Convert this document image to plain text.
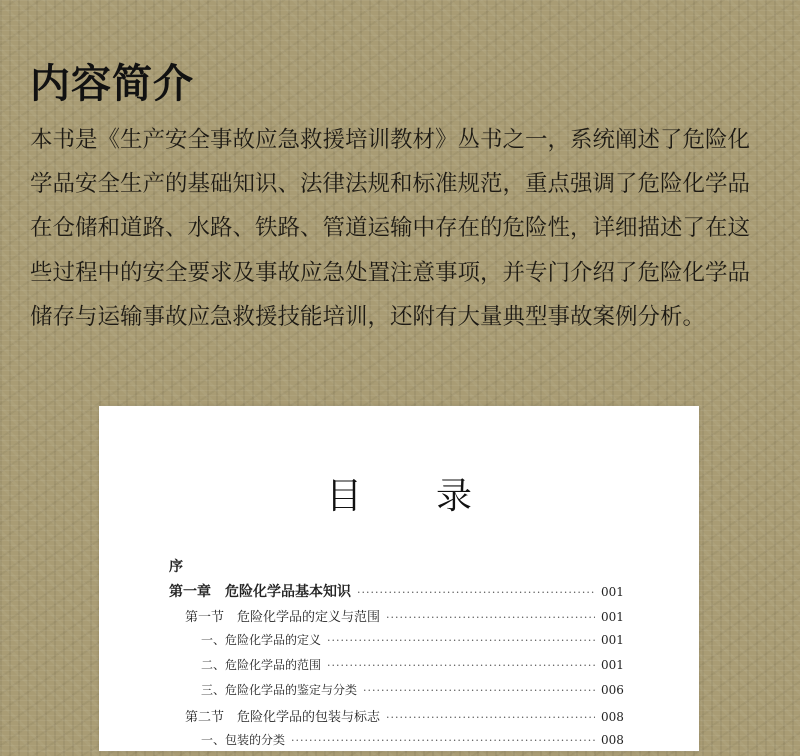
内容简介

本书是《生产安全事故应急救援培训教材》丛书之一，系统阐述了危险化学品安全生产的基础知识、法律法规和标准规范，重点强调了危险化学品在仓储和道路、水路、铁路、管道运输中存在的危险性，详细描述了在这些过程中的安全要求及事故应急处置注意事项，并专门介绍了危险化学品储存与运输事故应急救援技能培训，还附有大量典型事故案例分析。

目录
序
第一章　危险化学品基本知识 ·····	001
第一节　危险化学品的定义与范围 ·····	001
一、危险化学品的定义 ·····	001
二、危险化学品的范围 ·····	001
三、危险化学品的鉴定与分类 ·····	006
第二节　危险化学品的包装与标志 ·····	008
一、包装的分类 ·····	008
